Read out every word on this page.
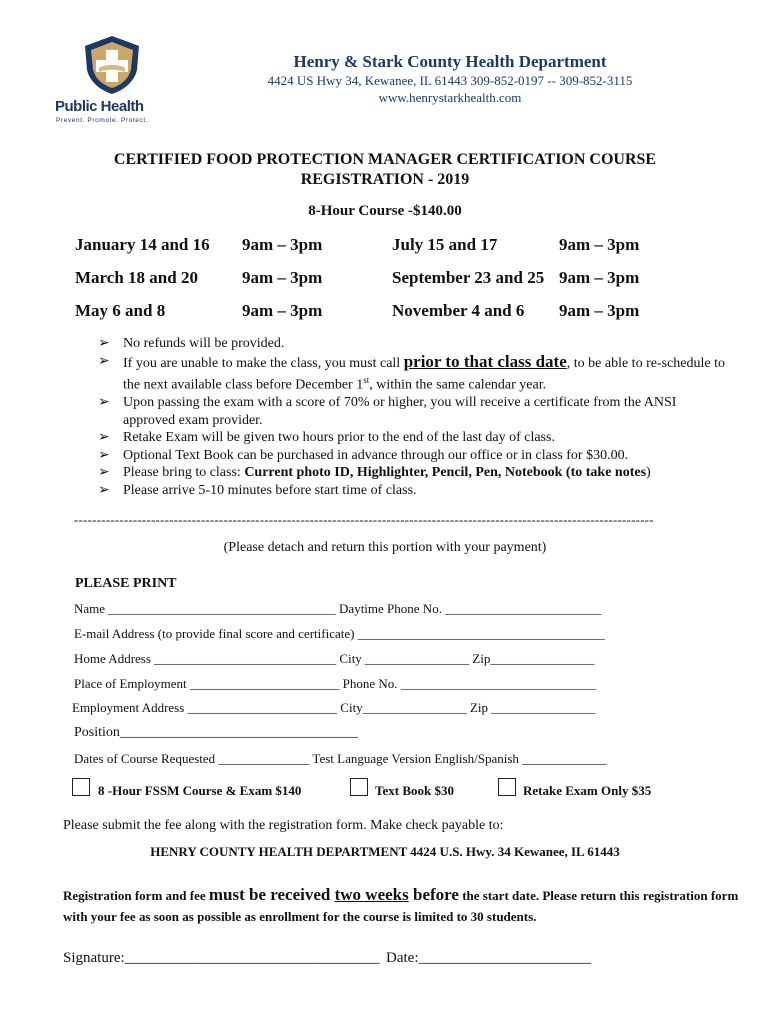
Public Health
Prevent. Promote. Protect.
Henry & Stark County Health Department
4424 US Hwy 34, Kewanee, IL 61443 309-852-0197 -- 309-852-3115
www.henrystarkhealth.com
CERTIFIED FOOD PROTECTION MANAGER CERTIFICATION COURSE
REGISTRATION - 2019
8-Hour Course -$140.00
January 14 and 16 9am – 3pm	July 15 and 17	9am – 3pm
March 18 and 20	9am – 3pm	September 23 and 25 9am – 3pm
May 6 and 8	9am – 3pm	November 4 and 6 9am – 3pm
➢ No refunds will be provided.
➢ If you are unable to make the class, you must call prior to that class date, to be able to re-schedule to the next available class before December 1st, within the same calendar year.
➢ Upon passing the exam with a score of 70% or higher, you will receive a certificate from the ANSI approved exam provider.
➢ Retake Exam will be given two hours prior to the end of the last day of class.
➢ Optional Text Book can be purchased in advance through our office or in class for $30.00.
➢ Please bring to class: Current photo ID, Highlighter, Pencil, Pen, Notebook (to take notes)
➢ Please arrive 5-10 minutes before start time of class.
--------------------------------------------------------------------------------------------------------------------------------
(Please detach and return this portion with your payment)
PLEASE PRINT
Name ___________________________________ Daytime Phone No. ________________________
E-mail Address (to provide final score and certificate) ______________________________________
Home Address ____________________________ City ________________ Zip________________
Place of Employment _______________________ Phone No. ______________________________
Employment Address _______________________ City________________ Zip ________________
Position__________________________________
Dates of Course Requested ______________ Test Language Version English/Spanish _____________
8 -Hour FSSM Course & Exam $140	Text Book $30	Retake Exam Only $35
Please submit the fee along with the registration form. Make check payable to:
HENRY COUNTY HEALTH DEPARTMENT 4424 U.S. Hwy. 34 Kewanee, IL 61443
Registration form and fee must be received two weeks before the start date. Please return this registration form with your fee as soon as possible as enrollment for the course is limited to 30 students.
Signature:__________________________________ Date:_______________________
